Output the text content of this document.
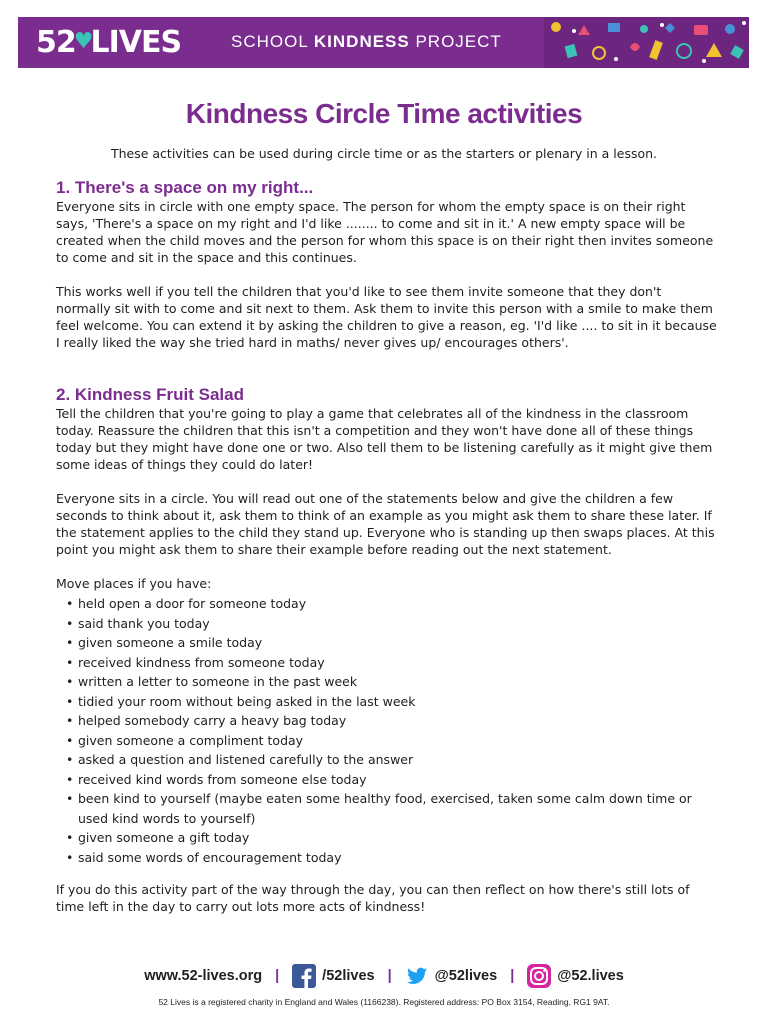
52
♥
LIVES	SCHOOL KINDNESS PROJECT
Kindness Circle Time activities
These activities can be used during circle time or as the starters or plenary in a lesson.
1. There's a space on my right...

Everyone sits in circle with one empty space. The person for whom the empty space is on their right says, 'There's a space on my right and I'd like ........ to come and sit in it.' A new empty space will be created when the child moves and the person for whom this space is on their right then invites someone to come and sit in the space and this continues.

This works well if you tell the children that you'd like to see them invite someone that they don't normally sit with to come and sit next to them. Ask them to invite this person with a smile to make them feel welcome. You can extend it by asking the children to give a reason, eg. 'I'd like .... to sit in it because I really liked the way she tried hard in maths/ never gives up/ encourages others'.

2. Kindness Fruit Salad

Tell the children that you're going to play a game that celebrates all of the kindness in the classroom today. Reassure the children that this isn't a competition and they won't have done all of these things today but they might have done one or two. Also tell them to be listening carefully as it might give them some ideas of things they could do later!

Everyone sits in a circle. You will read out one of the statements below and give the children a few seconds to think about it, ask them to think of an example as you might ask them to share these later. If the statement applies to the child they stand up. Everyone who is standing up then swaps places. At this point you might ask them to share their example before reading out the next statement.

Move places if you have:

• held open a door for someone today
• said thank you today
• given someone a smile today
• received kindness from someone today
• written a letter to someone in the past week
• tidied your room without being asked in the last week
• helped somebody carry a heavy bag today
• given someone a compliment today
• asked a question and listened carefully to the answer
• received kind words from someone else today
• been kind to yourself (maybe eaten some healthy food, exercised, taken some calm down time or used kind words to yourself)
• given someone a gift today
• said some words of encouragement today

If you do this activity part of the way through the day, you can then reflect on how there's still lots of time left in the day to carry out lots more acts of kindness!

www.52-lives.org |	/52lives |	@52lives |	@52.lives
52 Lives is a registered charity in England and Wales (1166238). Registered address: PO Box 3154, Reading, RG1 9AT.
